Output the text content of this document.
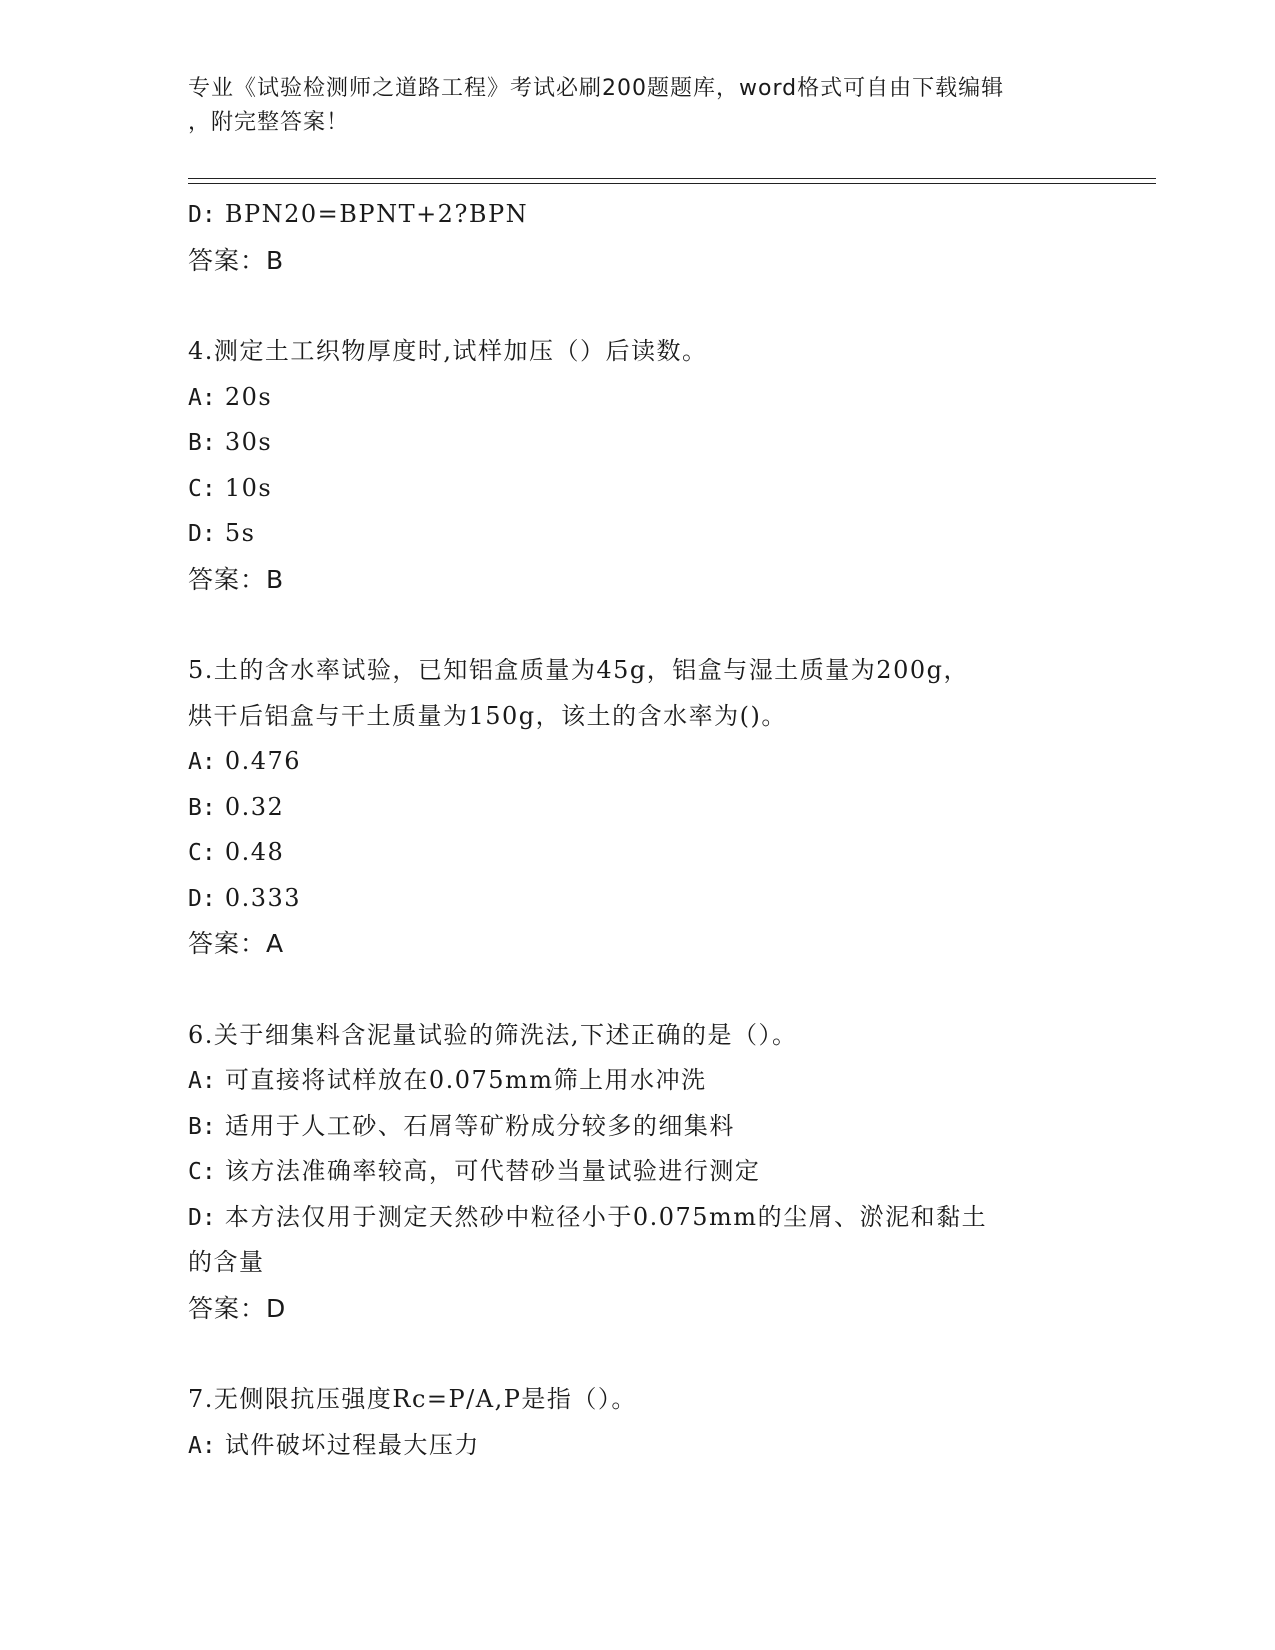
专业《试验检测师之道路工程》考试必刷200题题库，word格式可自由下载编辑
，附完整答案！
D: BPN20=BPNT+2?BPN
答案：B
4.测定土工织物厚度时,试样加压（）后读数。
A: 20s
B: 30s
C: 10s
D: 5s
答案：B
5.土的含水率试验，已知铝盒质量为45g，铝盒与湿土质量为200g，
烘干后铝盒与干土质量为150g，该土的含水率为()。
A: 0.476
B: 0.32
C: 0.48
D: 0.333
答案：A
6.关于细集料含泥量试验的筛洗法,下述正确的是（）。
A: 可直接将试样放在0.075mm筛上用水冲洗
B: 适用于人工砂、石屑等矿粉成分较多的细集料
C: 该方法准确率较高，可代替砂当量试验进行测定
D: 本方法仅用于测定天然砂中粒径小于0.075mm的尘屑、淤泥和黏土
的含量
答案：D
7.无侧限抗压强度Rc=P/A,P是指（）。
A: 试件破坏过程最大压力
